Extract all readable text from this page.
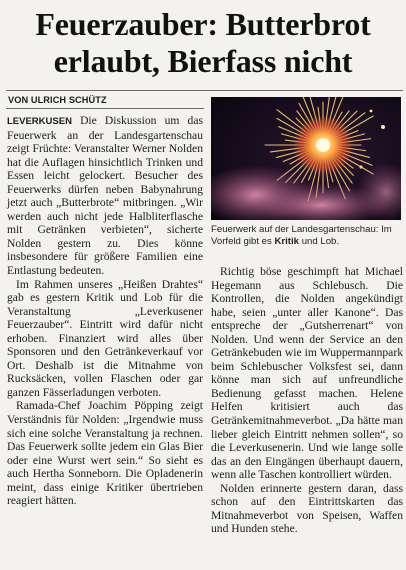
Feuerzauber: Butterbrot
erlaubt, Bierfass nicht
VON ULRICH SCHÜTZ

LEVERKUSEN Die Diskussion um das Feuerwerk an der Landesgartenschau zeigt Früchte: Veranstalter Werner Nolden hat die Auflagen hinsichtlich Trinken und Essen leicht gelockert. Besucher des Feuerwerks dürfen neben Babynahrung jetzt auch „Butterbrote“ mitbringen. „Wir werden auch nicht jede Halbliterflasche mit Getränken verbieten“, sicherte Nolden gestern zu. Dies könne insbesondere für größere Familien eine Entlastung bedeuten.

Im Rahmen unseres „Heißen Drahtes“ gab es gestern Kritik und Lob für die Veranstaltung „Leverkusener Feuerzauber“. Eintritt wird dafür nicht erhoben. Finanziert wird alles über Sponsoren und den Getränkeverkauf vor Ort. Deshalb ist die Mitnahme von Rucksäcken, vollen Flaschen oder gar ganzen Fässerladungen verboten.

Ramada-Chef Joachim Pöpping zeigt Verständnis für Nolden: „Irgendwie muss sich eine solche Veranstaltung ja rechnen. Das Feuerwerk sollte jedem ein Glas Bier oder eine Wurst wert sein.“ So sieht es auch Hertha Sonneborn. Die Opladenerin meint, dass einige Kritiker übertrieben reagiert hätten.

Feuerwerk auf der Landesgartenschau: Im Vorfeld gibt es Kritik und Lob.

Richtig böse geschimpft hat Michael Hegemann aus Schlebusch. Die Kontrollen, die Nolden angekündigt habe, seien „unter aller Kanone“. Das entspreche der „Gutsherrenart“ von Nolden. Und wenn der Service an den Getränkebuden wie im Wuppermannpark beim Schlebuscher Volksfest sei, dann könne man sich auf unfreundliche Bedienung gefasst machen. Helene Helfen kritisiert auch das Getränkemitnahmeverbot. „Da hätte man lieber gleich Eintritt nehmen sollen“, so die Leverkusenerin. Und wie lange solle das an den Eingängen überhaupt dauern, wenn alle Taschen kontrolliert würden.

Nolden erinnerte gestern daran, dass schon auf den Eintrittskarten das Mitnahmeverbot von Speisen, Waffen und Hunden stehe.
